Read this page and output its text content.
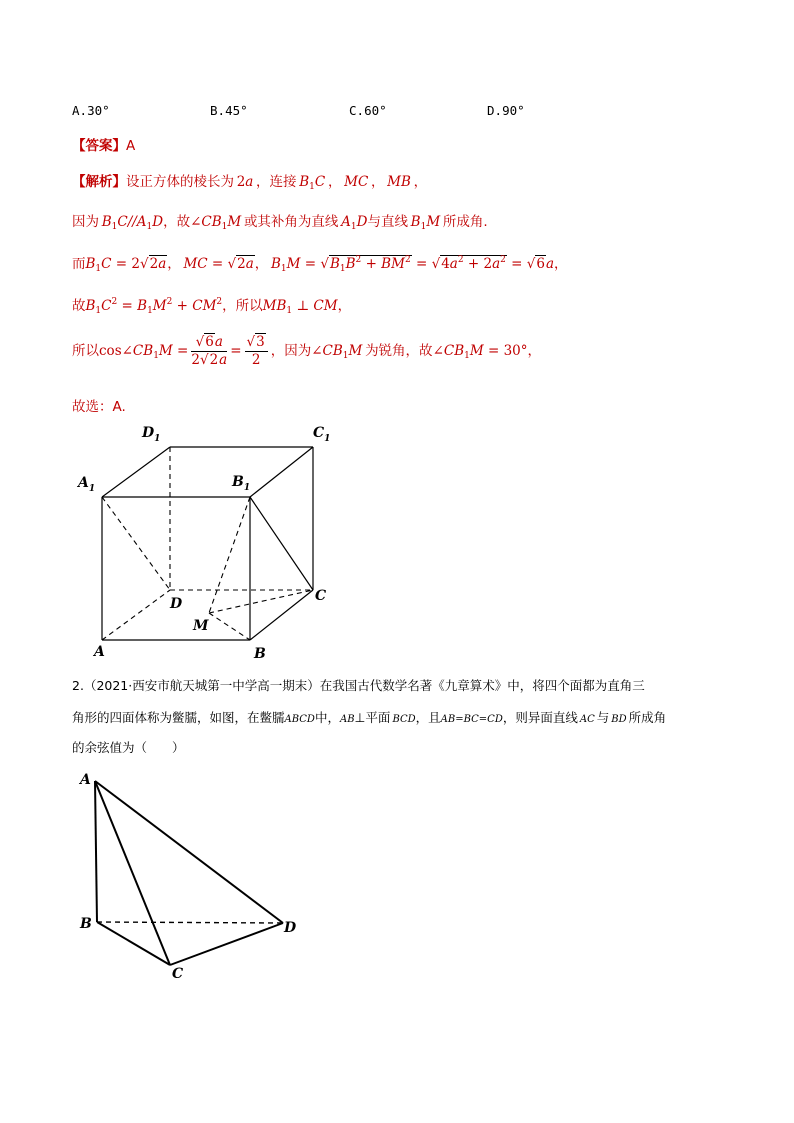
A.30°	B.45°	C.60°	D.90°
【答案】A
【解析】设正方体的棱长为  2a ，连接 $B_1C$ ， MC ， MB ，
因为 $B_1C//A_1D$，故$\angle CB_1M$ 或其补角为直线 $A_1D$与直线 $B_1M$ 所成角.
而$B_1C = 2√2a$， MC = √2a， $B_1M = √B_1B^2 + BM^2 = √4a^2 + 2a^2 = √6a$，
故$B_1C^2 = B_1M^2 + CM^2$，所以$MB_1$ ⊥ CM，
所以$\cos\angle CB_1M = \frac{√6a}{2√2a} = \frac{√3}{2}$ ，因为$\angle CB_1M$ 为锐角，故$\angle CB_1M = 30^\circ$，
故选：A.
$D_1$	$C_1$
$A_1$	$B_1$
C
D
M
A	B
2.（2021·西安市航天城第一中学高一期末）在我国古代数学名著《九章算术》中，将四个面都为直角三
角形的四面体称为鳖臑，如图，在鳖臑ABCD中，AB⊥平面  BCD，且AB=BC=CD，则异面直线  AC  与  BD  所成角
的余弦值为（　　）
A
B
C
D
